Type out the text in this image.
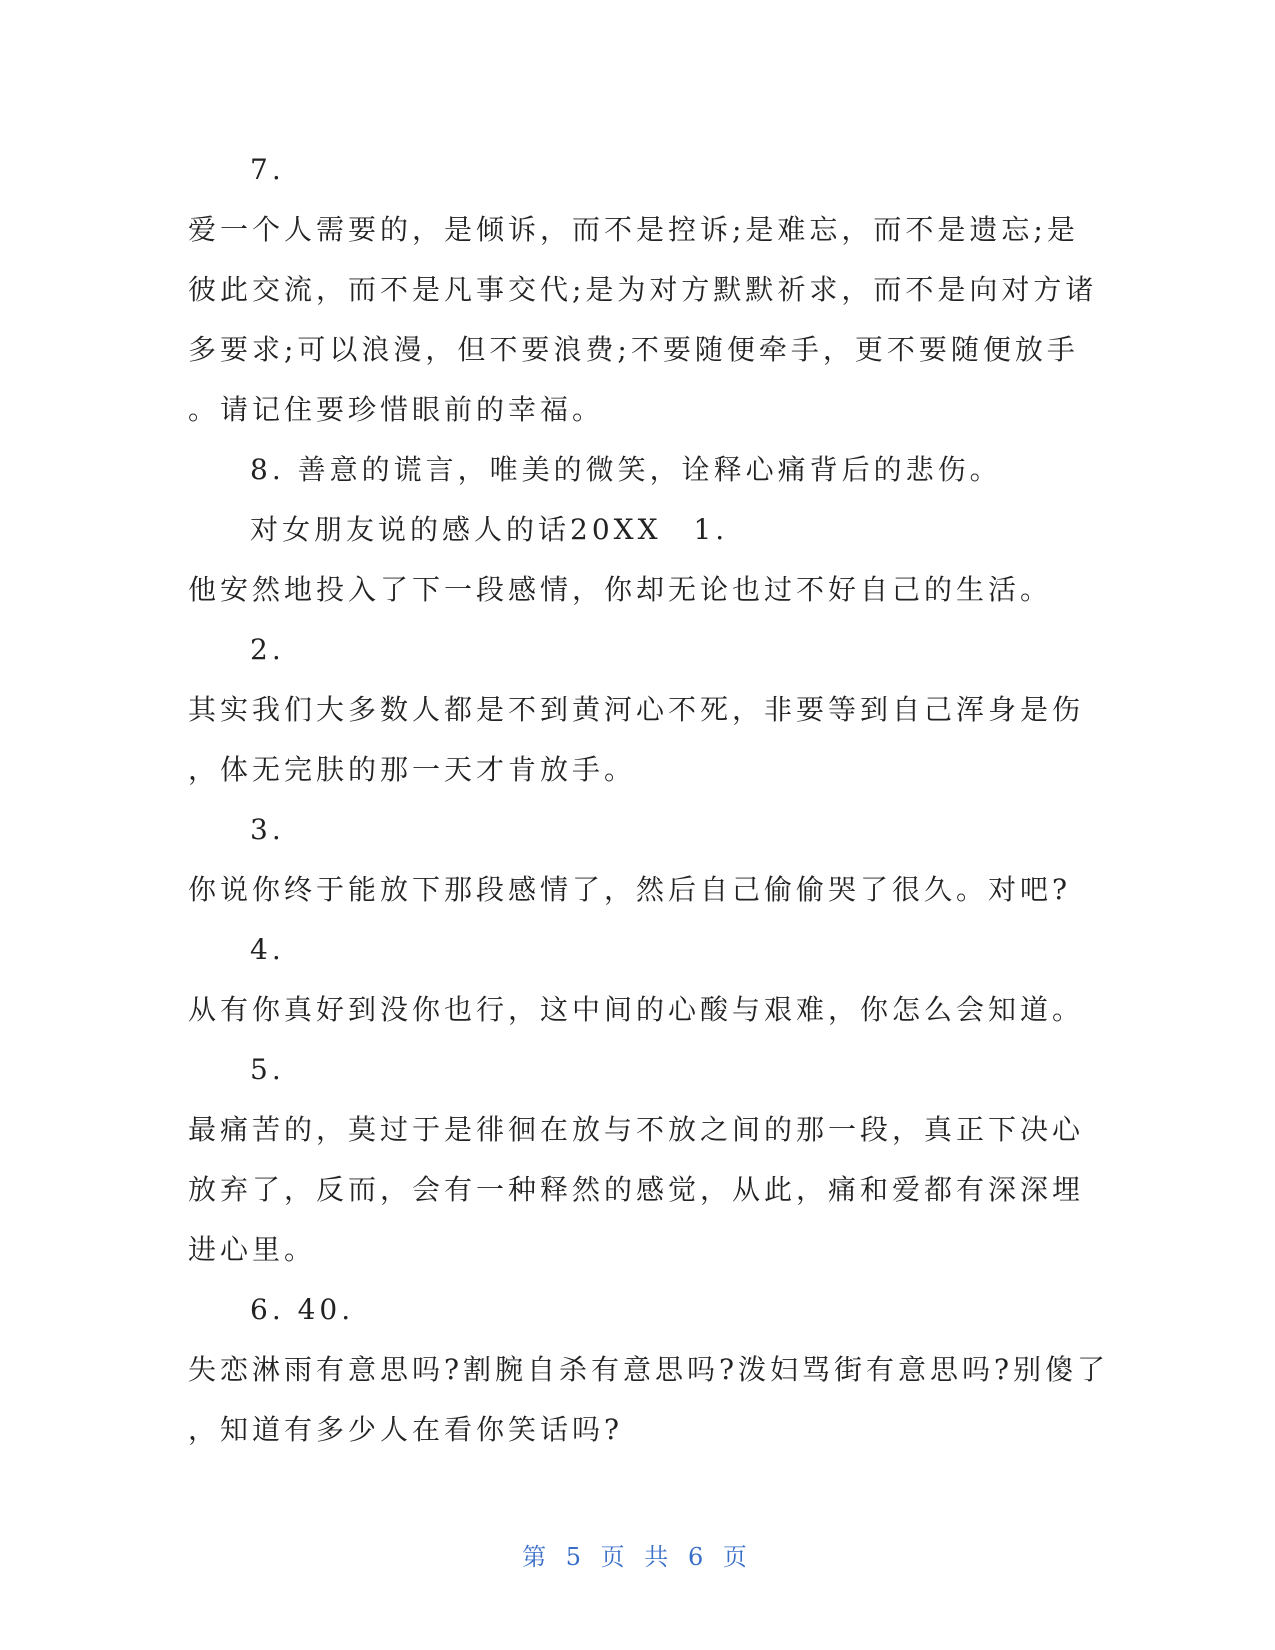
7.
爱一个人需要的，是倾诉，而不是控诉;是难忘，而不是遗忘;是
彼此交流，而不是凡事交代;是为对方默默祈求，而不是向对方诸
多要求;可以浪漫，但不要浪费;不要随便牵手，更不要随便放手
。请记住要珍惜眼前的幸福。
8. 善意的谎言，唯美的微笑，诠释心痛背后的悲伤。
对女朋友说的感人的话20XX　1.
他安然地投入了下一段感情，你却无论也过不好自己的生活。
2.
其实我们大多数人都是不到黄河心不死，非要等到自己浑身是伤
，体无完肤的那一天才肯放手。
3.
你说你终于能放下那段感情了，然后自己偷偷哭了很久。对吧?
4.
从有你真好到没你也行，这中间的心酸与艰难，你怎么会知道。
5.
最痛苦的，莫过于是徘徊在放与不放之间的那一段，真正下决心
放弃了，反而，会有一种释然的感觉，从此，痛和爱都有深深埋
进心里。
6. 40.
失恋淋雨有意思吗?割腕自杀有意思吗?泼妇骂街有意思吗?别傻了
，知道有多少人在看你笑话吗?
第 5 页 共 6 页
